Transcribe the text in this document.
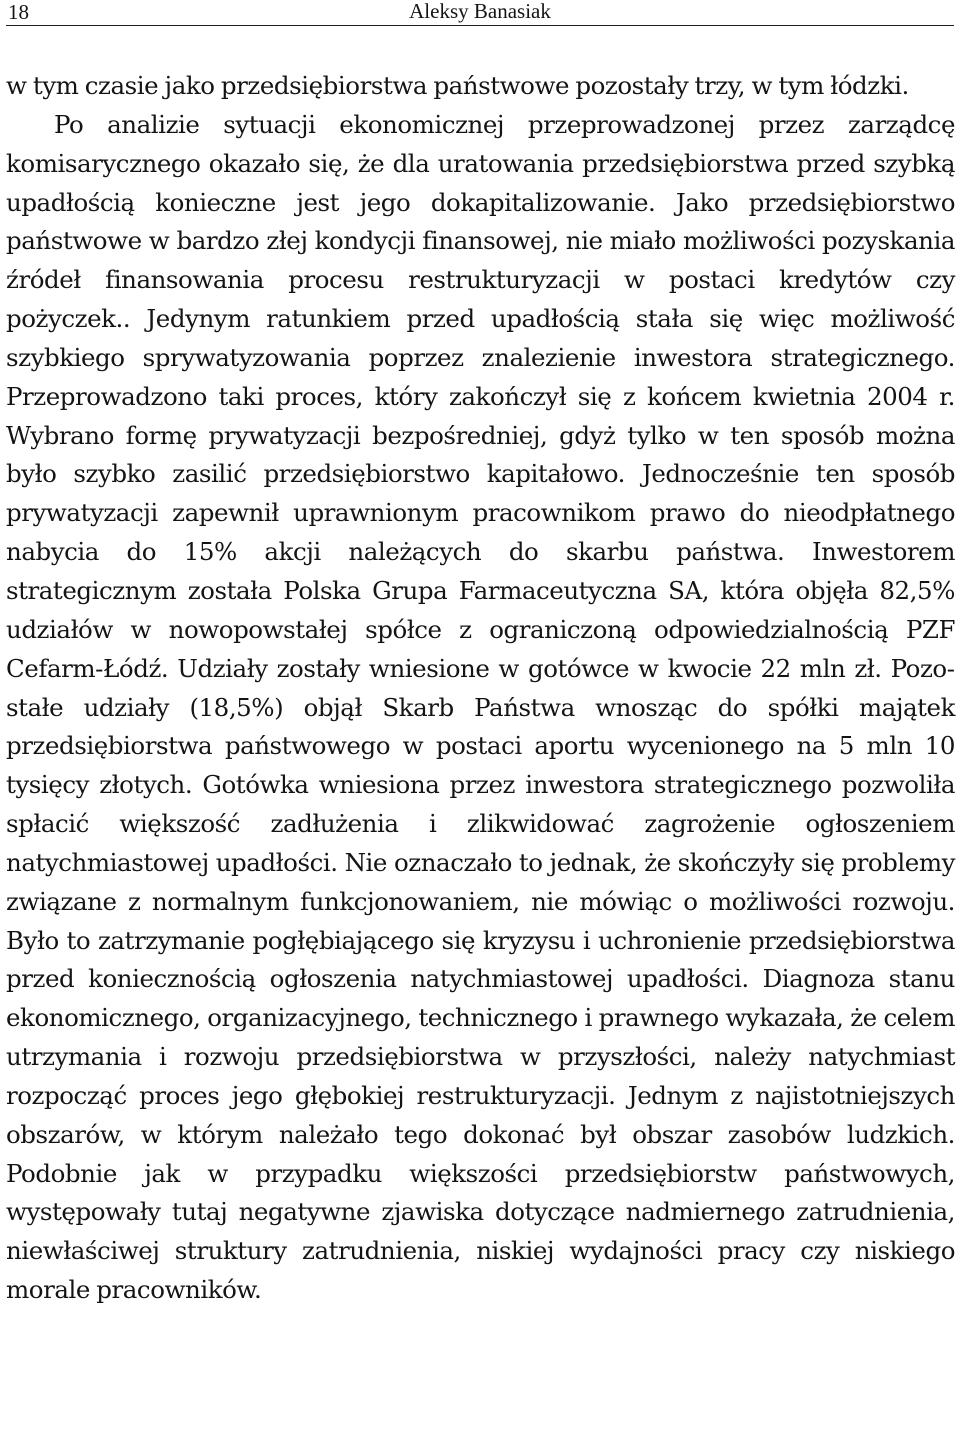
18	Aleksy Banasiak

w tym czasie jako przedsiębiorstwa państwowe pozostały trzy, w tym łódzki.

Po analizie sytuacji ekonomicznej przeprowadzonej przez zarządcę komisarycznego okazało się, że dla uratowania przedsiębiorstwa przed szybką upadłością konieczne jest jego dokapitalizowanie. Jako przedsiębiorstwo państwowe w bardzo złej kondycji finansowej, nie miało możliwości pozyskania źródeł finansowania procesu restrukturyzacji w postaci kredytów czy pożyczek.. Jedynym ratunkiem przed upadłością stała się więc możliwość szybkiego sprywatyzowania poprzez znalezienie inwestora strategicznego. Przeprowadzono taki proces, który zakończył się z końcem kwietnia 2004 r. Wybrano formę prywatyzacji bezpośredniej, gdyż tylko w ten sposób można było szybko zasilić przedsiębiorstwo kapitałowo. Jednocześnie ten sposób prywatyzacji zapewnił uprawnionym pracownikom prawo do nieodpłatnego nabycia do 15% akcji należących do skarbu państwa. Inwestorem strategicznym została Polska Grupa Farmaceutyczna SA, która objęła 82,5% udziałów w nowopowstałej spółce z ograniczoną odpowiedzialnością PZF Cefarm-Łódź. Udziały zostały wniesione w gotówce w kwocie 22 mln zł. Pozostałe udziały (18,5%) objął Skarb Państwa wnosząc do spółki majątek przedsiębiorstwa państwowego w postaci aportu wycenionego na 5 mln 10 tysięcy złotych. Gotówka wniesiona przez inwestora strategicznego pozwoliła spłacić większość zadłużenia i zlikwidować zagrożenie ogłoszeniem natychmiastowej upadłości. Nie oznaczało to jednak, że skończyły się problemy związane z normalnym funkcjonowaniem, nie mówiąc o możliwości rozwoju. Było to zatrzymanie pogłębiającego się kryzysu i uchronienie przedsiębiorstwa przed koniecznością ogłoszenia natychmiastowej upadłości. Diagnoza stanu ekonomicznego, organizacyjnego, technicznego i prawnego wykazała, że celem utrzymania i rozwoju przedsiębiorstwa w przyszłości, należy natychmiast rozpocząć proces jego głębokiej restrukturyzacji. Jednym z najistotniejszych obszarów, w którym należało tego dokonać był obszar zasobów ludzkich. Podobnie jak w przypadku większości przedsiębiorstw państwowych, występowały tutaj negatywne zjawiska dotyczące nadmiernego zatrudnienia, niewłaściwej struktury zatrudnienia, niskiej wydajności pracy czy niskiego morale pracowników.
